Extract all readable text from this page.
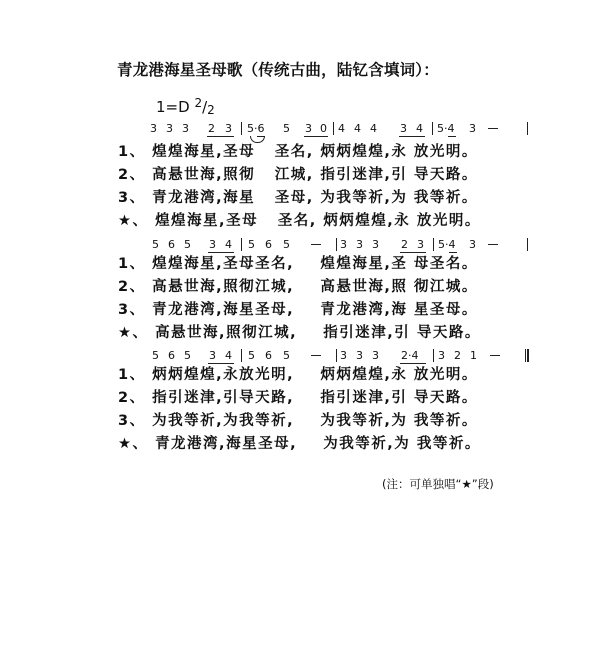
青龙港海星圣母歌（传统古曲，陆钇含填词）：
1=D $^2$/2

3

3

3

2

3

5·6

5

3

0

4

4

4

3

4

5·4

3

1、 煌煌海星,圣母   圣名, 炳炳煌煌,永 放光明。
2、 高悬世海,照彻   江城, 指引迷津,引 导天路。
3、 青龙港湾,海星   圣母, 为我等祈,为 我等祈。
★、 煌煌海星,圣母   圣名, 炳炳煌煌,永 放光明。

5

6

5

3

4

5

6

5

	3

3

3

2

3

5·4

3

1、 煌煌海星,圣母圣名,    煌煌海星,圣 母圣名。
2、 高悬世海,照彻江城,    高悬世海,照 彻江城。
3、 青龙港湾,海星圣母,    青龙港湾,海 星圣母。
★、 高悬世海,照彻江城,    指引迷津,引 导天路。

5

6

5

3

4

5

6

5

	3

3

3

2·4

3

2

1

1、 炳炳煌煌,永放光明,    炳炳煌煌,永 放光明。
2、 指引迷津,引导天路,    指引迷津,引 导天路。
3、 为我等祈,为我等祈,    为我等祈,为 我等祈。
★、 青龙港湾,海星圣母,    为我等祈,为 我等祈。
(注：可单独唱“★”段)
